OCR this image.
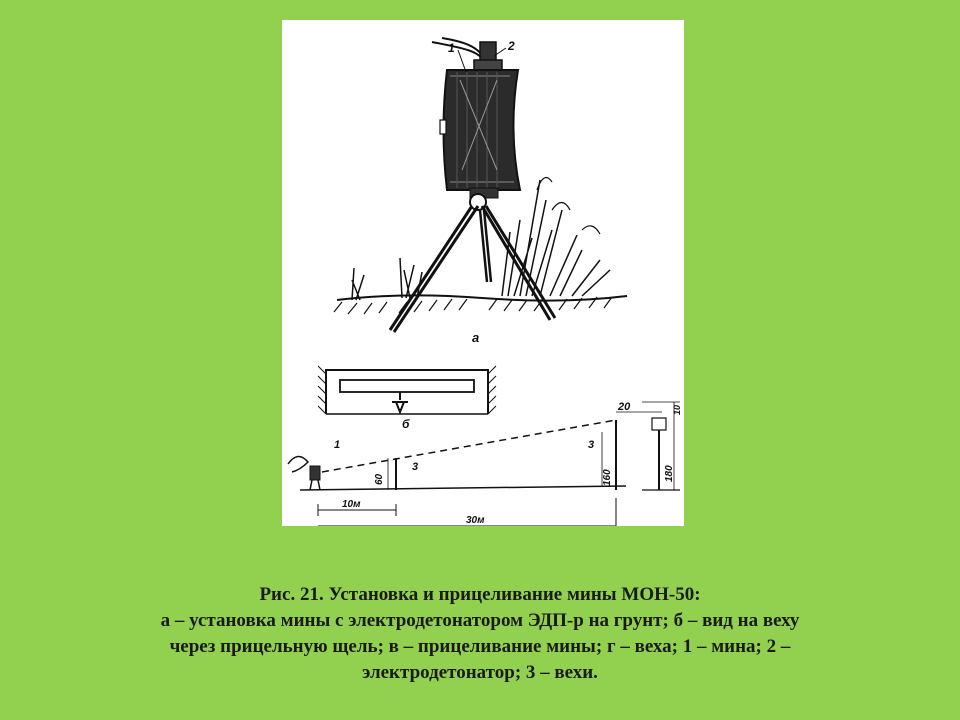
1	2
а
б
1
3
3
60	160
10м
30м
20	10
180
Рис. 21. Установка и прицеливание мины МОН-50:
а – установка мины с электродетонатором ЭДП-р на грунт; б – вид на веху
через прицельную щель; в – прицеливание мины; г – веха; 1 – мина; 2 –
электродетонатор; 3 – вехи.
